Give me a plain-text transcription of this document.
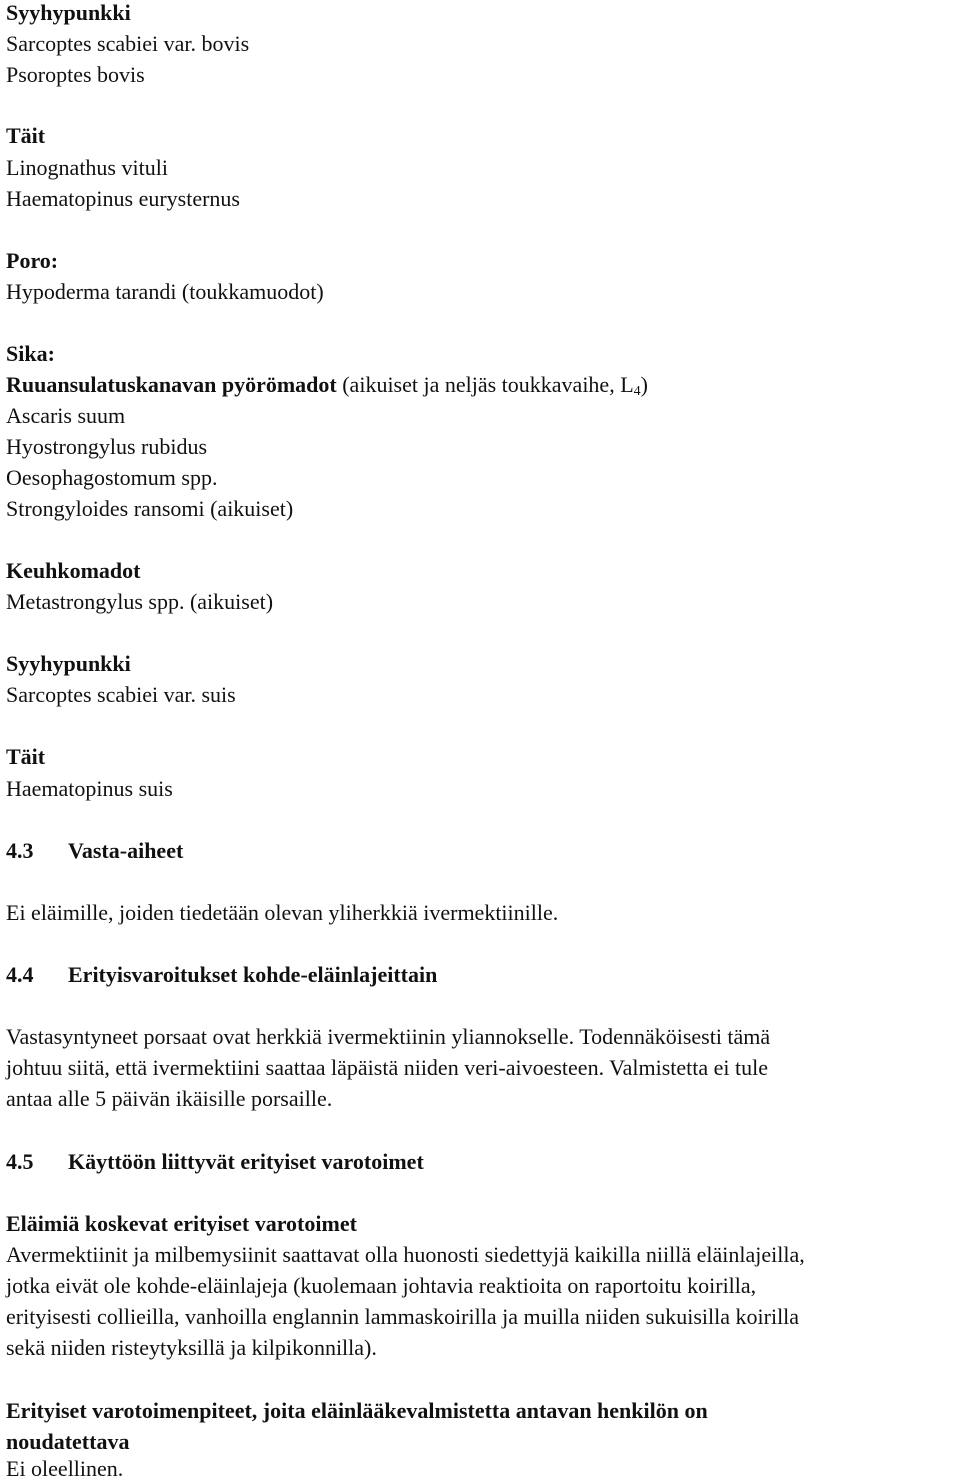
Syyhypunkki
Sarcoptes scabiei var. bovis
Psoroptes bovis
Täit
Linognathus vituli
Haematopinus eurysternus
Poro:
Hypoderma tarandi (toukkamuodot)
Sika:
Ruuansulatuskanavan pyörömadot (aikuiset ja neljäs toukkavaihe, $L_4$)
Ascaris suum
Hyostrongylus rubidus
Oesophagostomum spp.
Strongyloides ransomi (aikuiset)
Keuhkomadot
Metastrongylus spp. (aikuiset)
Syyhypunkki
Sarcoptes scabiei var. suis
Täit
Haematopinus suis
4.3 Vasta-aiheet
Ei eläimille, joiden tiedetään olevan yliherkkiä ivermektiinille.
4.4 Erityisvaroitukset kohde-eläinlajeittain
Vastasyntyneet porsaat ovat herkkiä ivermektiinin yliannokselle. Todennäköisesti tämä
johtuu siitä, että ivermektiini saattaa läpäistä niiden veri-aivoesteen. Valmistetta ei tule
antaa alle 5 päivän ikäisille porsaille.
4.5 Käyttöön liittyvät erityiset varotoimet
Eläimiä koskevat erityiset varotoimet
Avermektiinit ja milbemysiinit saattavat olla huonosti siedettyjä kaikilla niillä eläinlajeilla,
jotka eivät ole kohde-eläinlajeja (kuolemaan johtavia reaktioita on raportoitu koirilla,
erityisesti collieilla, vanhoilla englannin lammaskoirilla ja muilla niiden sukuisilla koirilla
sekä niiden risteytyksillä ja kilpikonnilla).
Erityiset varotoimenpiteet, joita eläinlääkevalmistetta antavan henkilön on
noudatettava
Ei oleellinen.
